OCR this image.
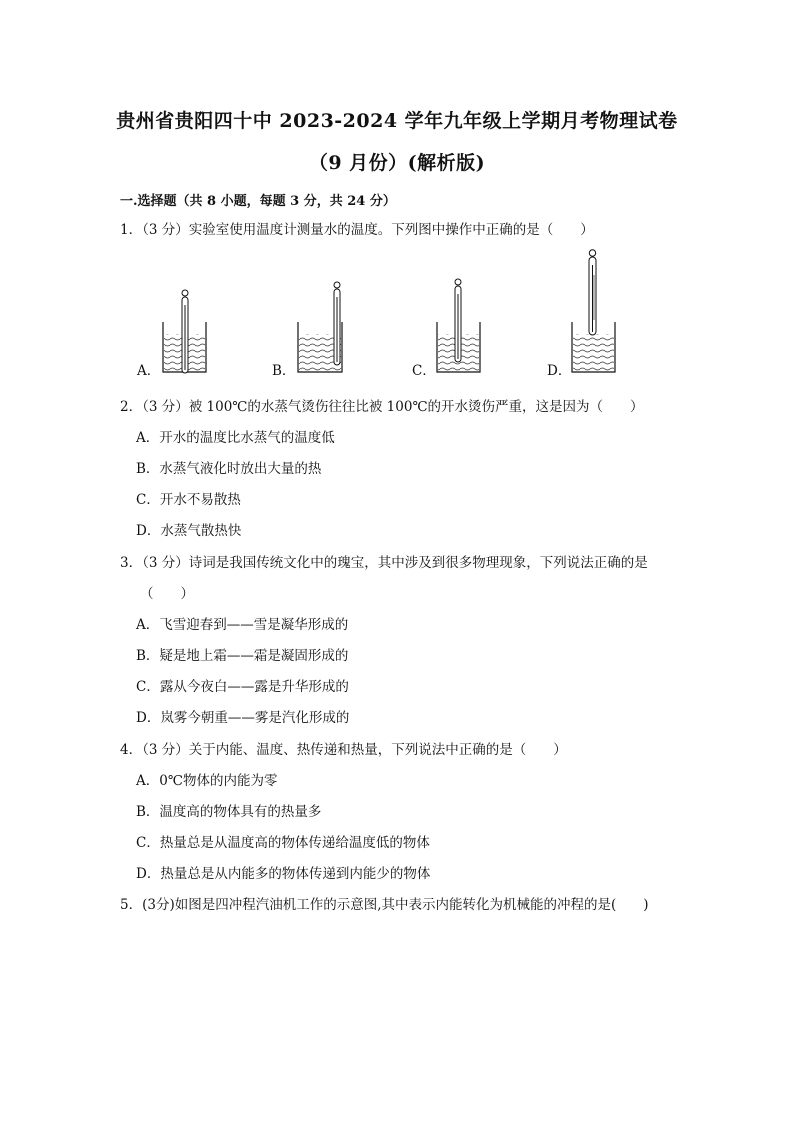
贵州省贵阳四十中 2023-2024 学年九年级上学期月考物理试卷
（9 月份）(解析版)
一.选择题（共 8 小题，每题 3 分，共 24 分）
1．（3 分）实验室使用温度计测量水的温度。下列图中操作中正确的是（　　）
A．	B．	C．	D．
2．（3 分）被 100℃的水蒸气烫伤往往比被 100℃的开水烫伤严重，这是因为（　　）
A．开水的温度比水蒸气的温度低
B．水蒸气液化时放出大量的热
C．开水不易散热
D．水蒸气散热快
3．（3 分）诗词是我国传统文化中的瑰宝，其中涉及到很多物理现象，下列说法正确的是
（　　）
A．飞雪迎春到——雪是凝华形成的
B．疑是地上霜——霜是凝固形成的
C．露从今夜白——露是升华形成的
D．岚雾今朝重——雾是汽化形成的
4．（3 分）关于内能、温度、热传递和热量，下列说法中正确的是（　　）
A．0℃物体的内能为零
B．温度高的物体具有的热量多
C．热量总是从温度高的物体传递给温度低的物体
D．热量总是从内能多的物体传递到内能少的物体
5．(3分)如图是四冲程汽油机工作的示意图,其中表示内能转化为机械能的冲程的是(　　)
